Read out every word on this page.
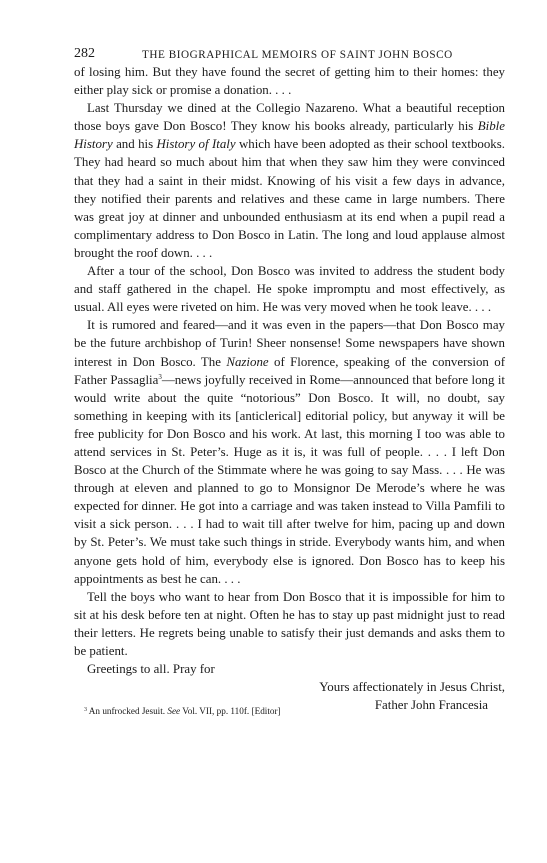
282	THE BIOGRAPHICAL MEMOIRS OF SAINT JOHN BOSCO

of losing him. But they have found the secret of getting him to their homes: they either play sick or promise a donation. . . .

Last Thursday we dined at the Collegio Nazareno. What a beautiful reception those boys gave Don Bosco! They know his books already, particularly his Bible History and his History of Italy which have been adopted as their school textbooks. They had heard so much about him that when they saw him they were convinced that they had a saint in their midst. Knowing of his visit a few days in advance, they notified their parents and relatives and these came in large numbers. There was great joy at dinner and unbounded enthusiasm at its end when a pupil read a complimentary address to Don Bosco in Latin. The long and loud applause almost brought the roof down. . . .

After a tour of the school, Don Bosco was invited to address the student body and staff gathered in the chapel. He spoke impromptu and most effectively, as usual. All eyes were riveted on him. He was very moved when he took leave. . . .

It is rumored and feared—and it was even in the papers—that Don Bosco may be the future archbishop of Turin! Sheer nonsense! Some newspapers have shown interest in Don Bosco. The Nazione of Florence, speaking of the conversion of Father Passaglia$^3$—news joyfully received in Rome—announced that before long it would write about the quite “notorious” Don Bosco. It will, no doubt, say something in keeping with its [anticlerical] editorial policy, but anyway it will be free publicity for Don Bosco and his work. At last, this morning I too was able to attend services in St. Peter’s. Huge as it is, it was full of people. . . . I left Don Bosco at the Church of the Stimmate where he was going to say Mass. . . . He was through at eleven and planned to go to Monsignor De Merode’s where he was expected for dinner. He got into a carriage and was taken instead to Villa Pamfili to visit a sick person. . . . I had to wait till after twelve for him, pacing up and down by St. Peter’s. We must take such things in stride. Everybody wants him, and when anyone gets hold of him, everybody else is ignored. Don Bosco has to keep his appointments as best he can. . . .

Tell the boys who want to hear from Don Bosco that it is impossible for him to sit at his desk before ten at night. Often he has to stay up past midnight just to read their letters. He regrets being unable to satisfy their just demands and asks them to be patient.

Greetings to all. Pray for

Yours affectionately in Jesus Christ,
Father John Francesia
$^3$ An unfrocked Jesuit. See Vol. VII, pp. 110f. [Editor]
